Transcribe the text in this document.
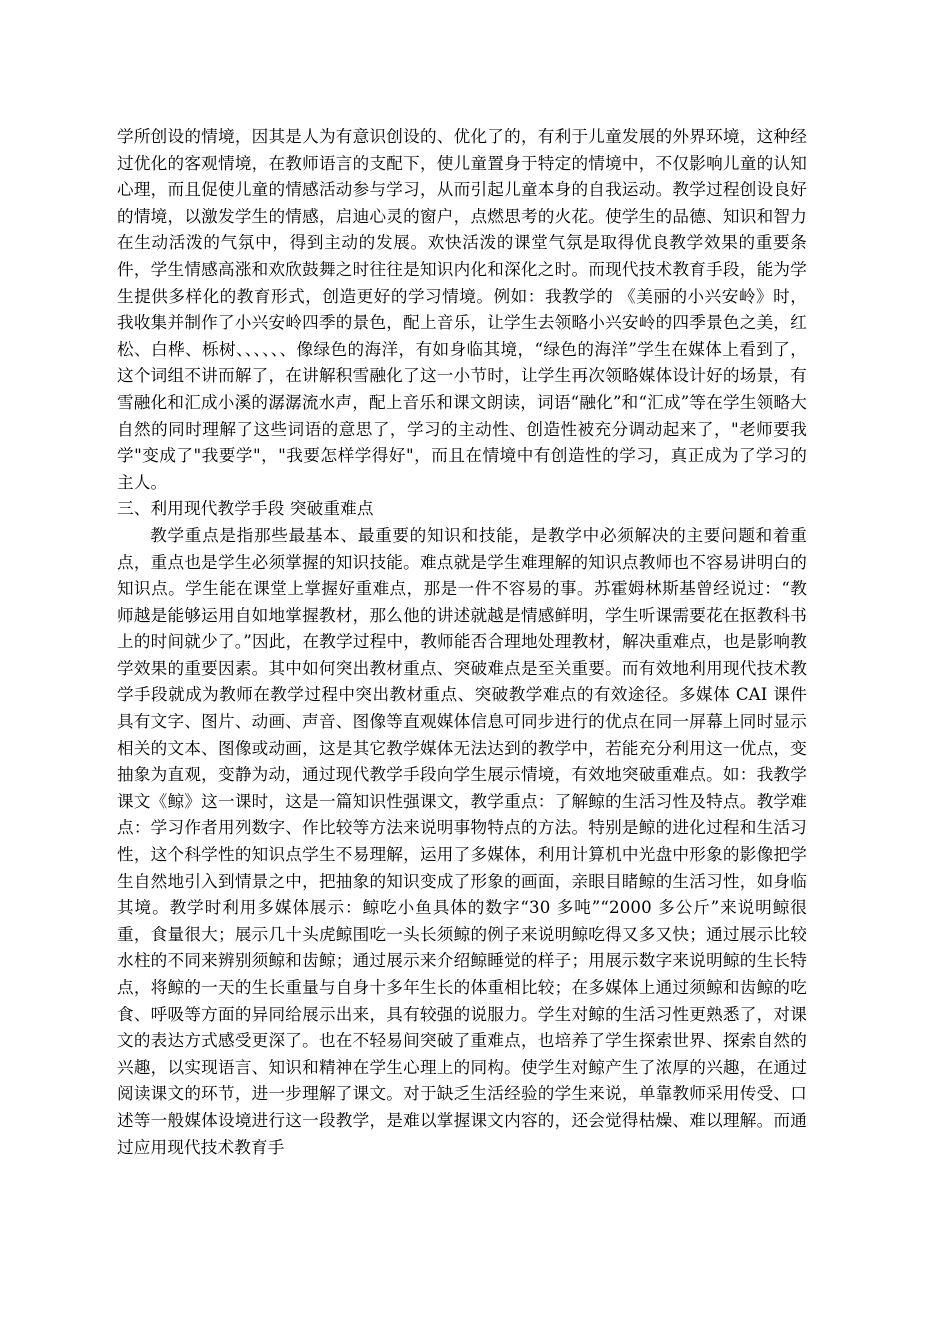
学所创设的情境，因其是人为有意识创设的、优化了的，有利于儿童发展的外界环境，这种经过优化的客观情境，在教师语言的支配下，使儿童置身于特定的情境中，不仅影响儿童的认知心理，而且促使儿童的情感活动参与学习，从而引起儿童本身的自我运动。教学过程创设良好的情境，以激发学生的情感，启迪心灵的窗户，点燃思考的火花。使学生的品德、知识和智力在生动活泼的气氛中，得到主动的发展。欢快活泼的课堂气氛是取得优良教学效果的重要条件，学生情感高涨和欢欣鼓舞之时往往是知识内化和深化之时。而现代技术教育手段，能为学生提供多样化的教育形式，创造更好的学习情境。例如：我教学的 《美丽的小兴安岭》时，我收集并制作了小兴安岭四季的景色，配上音乐，让学生去领略小兴安岭的四季景色之美，红松、白桦、栎树、、、、、、像绿色的海洋，有如身临其境，“绿色的海洋”学生在媒体上看到了，这个词组不讲而解了，在讲解积雪融化了这一小节时，让学生再次领略媒体设计好的场景，有雪融化和汇成小溪的潺潺流水声，配上音乐和课文朗读，词语“融化”和“汇成”等在学生领略大自然的同时理解了这些词语的意思了，学习的主动性、创造性被充分调动起来了，"老师要我学"变成了"我要学"，"我要怎样学得好"，而且在情境中有创造性的学习，真正成为了学习的主人。

三、利用现代教学手段 突破重难点

教学重点是指那些最基本、最重要的知识和技能，是教学中必须解决的主要问题和着重点，重点也是学生必须掌握的知识技能。难点就是学生难理解的知识点教师也不容易讲明白的知识点。学生能在课堂上掌握好重难点，那是一件不容易的事。苏霍姆林斯基曾经说过：“教师越是能够运用自如地掌握教材，那么他的讲述就越是情感鲜明，学生听课需要花在抠教科书上的时间就少了。”因此，在教学过程中，教师能否合理地处理教材，解决重难点，也是影响教学效果的重要因素。其中如何突出教材重点、突破难点是至关重要。而有效地利用现代技术教学手段就成为教师在教学过程中突出教材重点、突破教学难点的有效途径。多媒体 CAI 课件具有文字、图片、动画、声音、图像等直观媒体信息可同步进行的优点在同一屏幕上同时显示相关的文本、图像或动画，这是其它教学媒体无法达到的教学中，若能充分利用这一优点，变抽象为直观，变静为动，通过现代教学手段向学生展示情境，有效地突破重难点。如：我教学课文《鲸》这一课时，这是一篇知识性强课文，教学重点：了解鲸的生活习性及特点。教学难点：学习作者用列数字、作比较等方法来说明事物特点的方法。特别是鲸的进化过程和生活习性，这个科学性的知识点学生不易理解，运用了多媒体，利用计算机中光盘中形象的影像把学生自然地引入到情景之中，把抽象的知识变成了形象的画面，亲眼目睹鲸的生活习性，如身临其境。教学时利用多媒体展示：鲸吃小鱼具体的数字“30 多吨”“2000 多公斤”来说明鲸很重，食量很大；展示几十头虎鲸围吃一头长须鲸的例子来说明鲸吃得又多又快；通过展示比较水柱的不同来辨别须鲸和齿鲸；通过展示来介绍鲸睡觉的样子；用展示数字来说明鲸的生长特点，将鲸的一天的生长重量与自身十多年生长的体重相比较；在多媒体上通过须鲸和齿鲸的吃食、呼吸等方面的异同给展示出来，具有较强的说服力。学生对鲸的生活习性更熟悉了，对课文的表达方式感受更深了。也在不轻易间突破了重难点，也培养了学生探索世界、探索自然的兴趣，以实现语言、知识和精神在学生心理上的同构。使学生对鲸产生了浓厚的兴趣，在通过阅读课文的环节，进一步理解了课文。对于缺乏生活经验的学生来说，单靠教师采用传受、口述等一般媒体设境进行这一段教学，是难以掌握课文内容的，还会觉得枯燥、难以理解。而通过应用现代技术教育手
